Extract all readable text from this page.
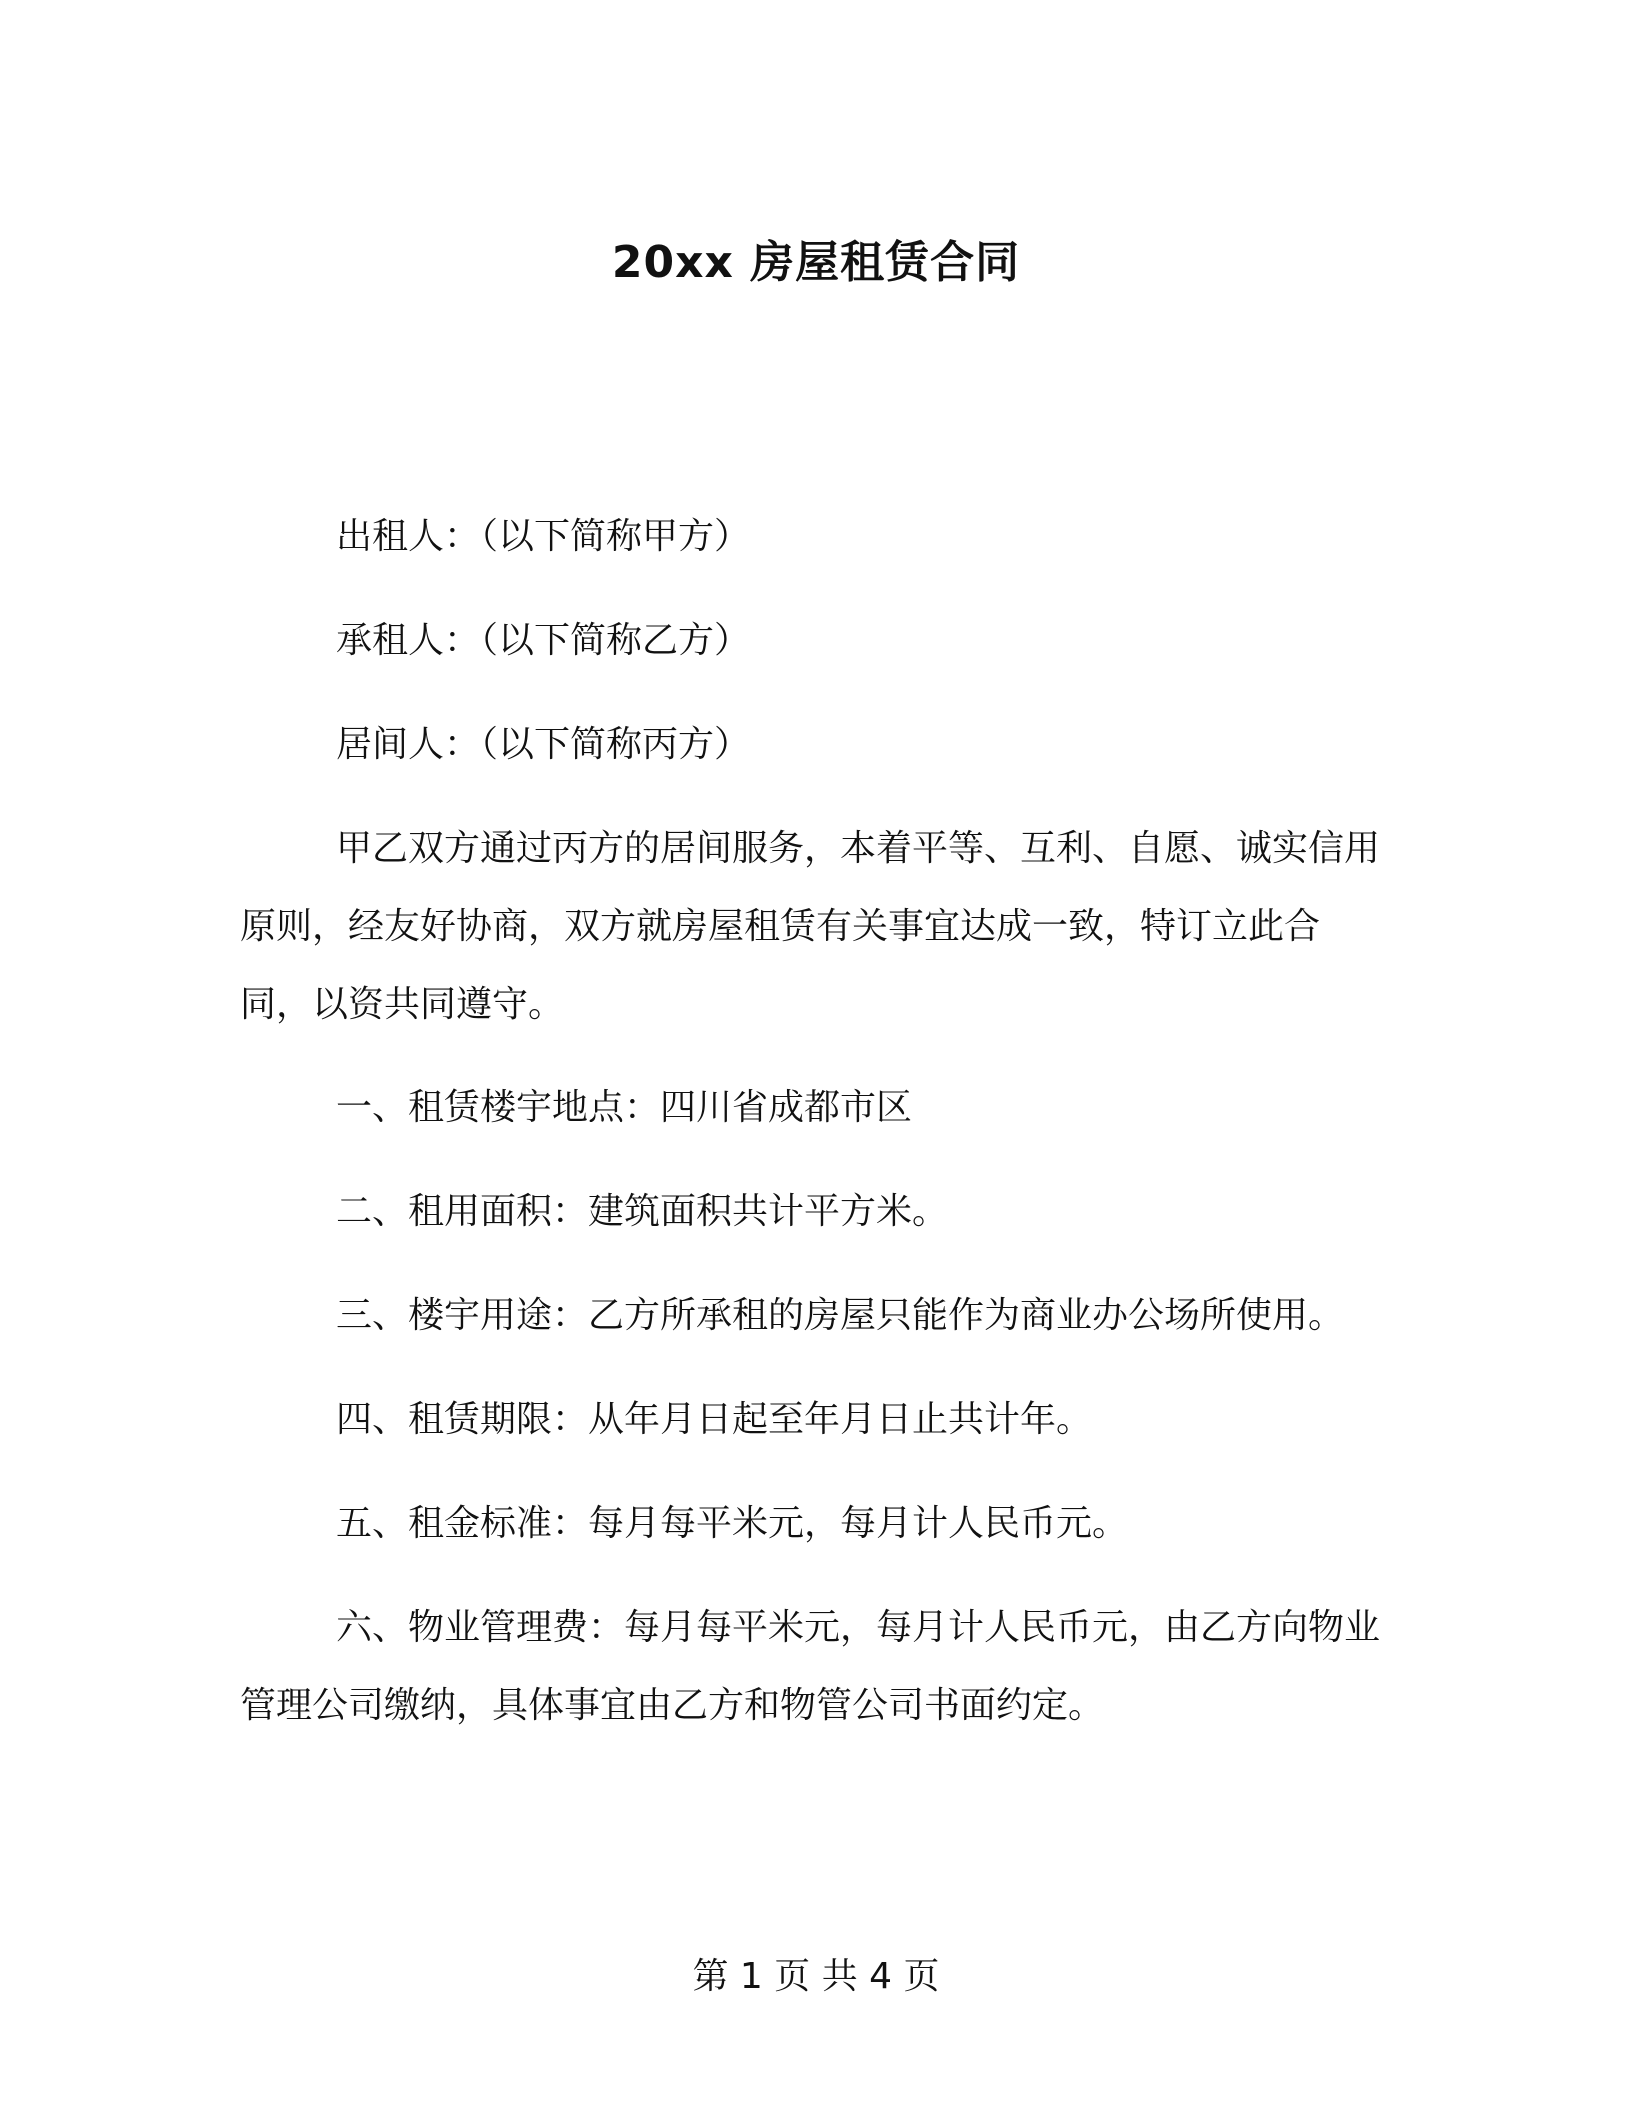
20xx 房屋租赁合同

出租人：（以下简称甲方）

承租人：（以下简称乙方）

居间人：（以下简称丙方）

甲乙双方通过丙方的居间服务，本着平等、互利、自愿、诚实信用原则，经友好协商，双方就房屋租赁有关事宜达成一致，特订立此合同，以资共同遵守。

一、租赁楼宇地点：四川省成都市区

二、租用面积：建筑面积共计平方米。

三、楼宇用途：乙方所承租的房屋只能作为商业办公场所使用。

四、租赁期限：从年月日起至年月日止共计年。

五、租金标准：每月每平米元，每月计人民币元。

六、物业管理费：每月每平米元，每月计人民币元，由乙方向物业管理公司缴纳，具体事宜由乙方和物管公司书面约定。

第 1 页 共 4 页
